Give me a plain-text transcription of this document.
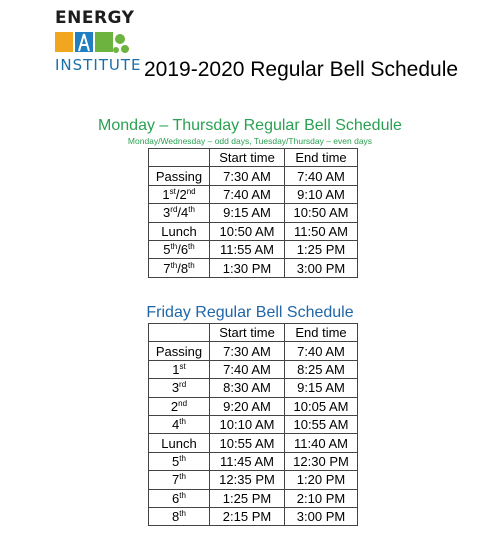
ENERGY
INSTITUTE 2019-2020 Regular Bell Schedule
Monday – Thursday Regular Bell Schedule
Monday/Wednesday – odd days, Tuesday/Thursday – even days
	Start time	End time
Passing	7:30 AM	7:40 AM
1st/2nd	7:40 AM	9:10 AM
3rd/4th	9:15 AM	10:50 AM
Lunch	10:50 AM	11:50 AM
5th/6th	11:55 AM	1:25 PM
7th/8th	1:30 PM	3:00 PM
Friday Regular Bell Schedule
	Start time	End time
Passing	7:30 AM	7:40 AM
1st	7:40 AM	8:25 AM
3rd	8:30 AM	9:15 AM
2nd	9:20 AM	10:05 AM
4th	10:10 AM	10:55 AM
Lunch	10:55 AM	11:40 AM
5th	11:45 AM	12:30 PM
7th	12:35 PM	1:20 PM
6th	1:25 PM	2:10 PM
8th	2:15 PM	3:00 PM
